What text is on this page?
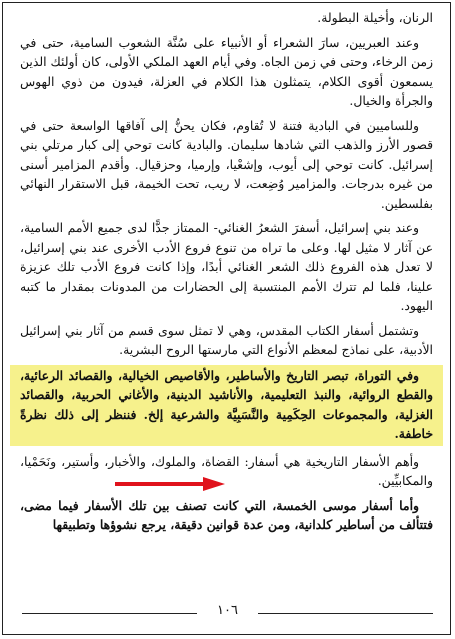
الرنان، وأخيلة البطولة.

وعند العبريين، سارَ الشعراء أو الأنبياء على سُنَّة الشعوب السامية، حتى في زمن الرخاء، وحتى في زمن الجاه. وفي أيام العهد الملكي الأولى، كان أولئك الذين يسمعون أقوى الكلام، يتمثلون هذا الكلام في العزلة، فيدون من ذوي الهوس والجرأة والخيال.

وللساميين في البادية فتنة لا تُقاوم، فكان يحنُّ إلى آفاقها الواسعة حتى في قصور الأرز والذهب التي شادها سليمان. والبادية كانت توحي إلى كبار مرتلي بني إسرائيل. كانت توحي إلى أيوب، وإشعْيا، وإرميا، وحزقيال. وأقدم المزامير أسنى من غيره بدرجات. والمزامير وُضِعت، لا ريب، تحت الخيمة، قبل الاستقرار النهائي بفلسطين.

وعند بني إسرائيل، أسفرَ الشعرُ الغنائي- الممتاز جدًّا لدى جميع الأمم السامية، عن آثار لا مثيل لها. وعلى ما تراه من تنوع فروع الأدب الأخرى عند بني إسرائيل، لا تعدل هذه الفروع ذلك الشعر الغنائي أبدًا، وإذا كانت فروع الأدب تلك عزيزة علينا، فلما لم تترك الأمم المنتسبة إلى الحضارات من المدونات بمقدار ما كتبه اليهود.

وتشتمل أسفار الكتاب المقدس، وهي لا تمثل سوى قسم من آثار بني إسرائيل الأدبية، على نماذج لمعظم الأنواع التي مارستها الروح البشرية.

وفي التوراة، تبصر التاريخ والأساطير، والأقاصيص الخيالية، والقصائد الرعائية، والقطع الروائية، والنبذ التعليمية، والأناشيد الدينية، والأغاني الحربية، والقصائد الغزلية، والمجموعات الحِكَمِية والنَّسَبِيَّة والشرعية إلخ. فننظر إلى ذلك نظرةً خاطفة.

وأهم الأسفار التاريخية هي أسفار: القضاة، والملوك، والأخبار، وأستير، ونَحَمْيا، والمكابيِّين.

وأما أسفار موسى الخمسة، التي كانت تصنف بين تلك الأسفار فيما مضى، فتتألف من أساطير كلدانية، ومن عدة قوانين دقيقة، يرجع نشوؤها وتطبيقها

١٠٦
